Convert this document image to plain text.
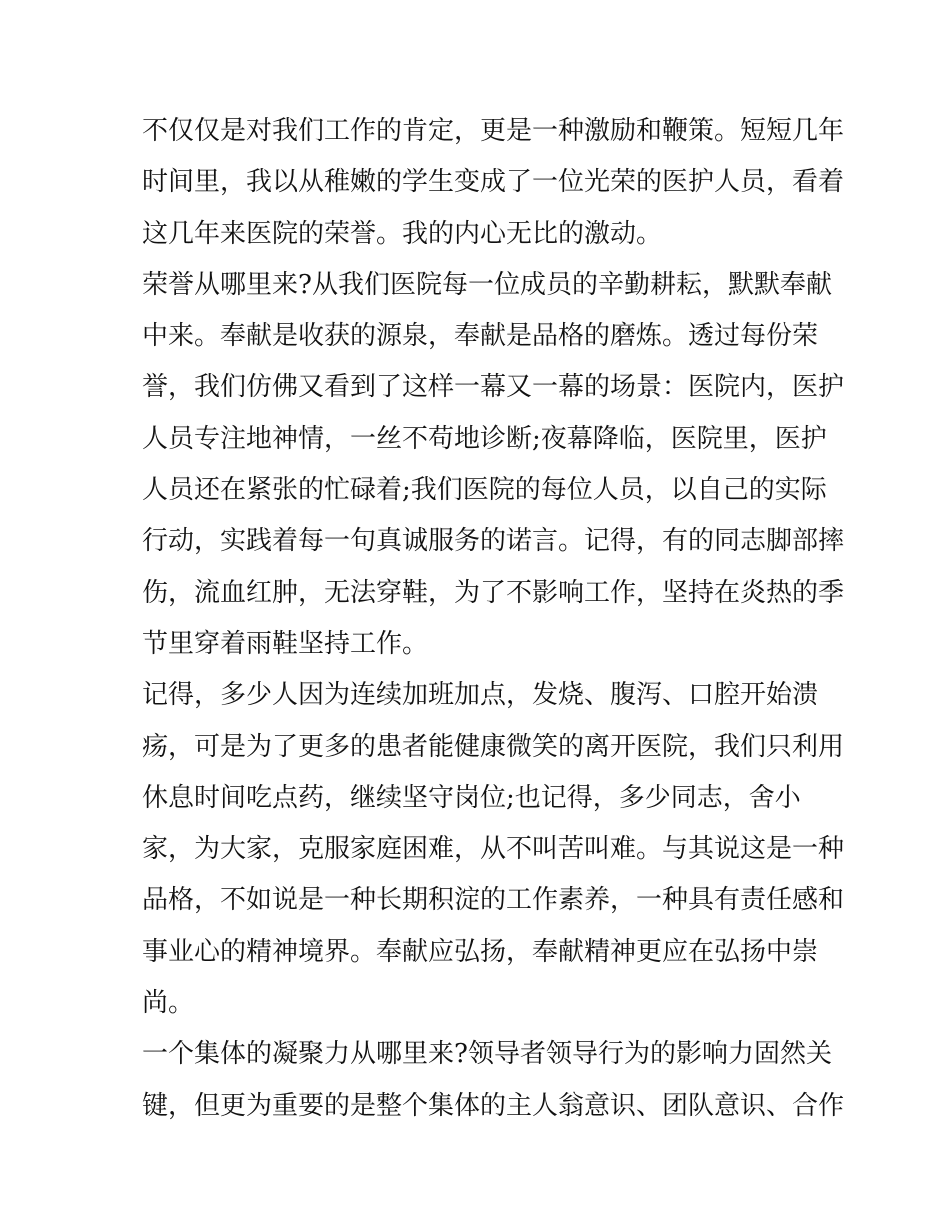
不仅仅是对我们工作的肯定，更是一种激励和鞭策。短短几年
时间里，我以从稚嫩的学生变成了一位光荣的医护人员，看着
这几年来医院的荣誉。我的内心无比的激动。
荣誉从哪里来?从我们医院每一位成员的辛勤耕耘，默默奉献
中来。奉献是收获的源泉，奉献是品格的磨炼。透过每份荣
誉，我们仿佛又看到了这样一幕又一幕的场景：医院内，医护
人员专注地神情，一丝不苟地诊断;夜幕降临，医院里，医护
人员还在紧张的忙碌着;我们医院的每位人员，以自己的实际
行动，实践着每一句真诚服务的诺言。记得，有的同志脚部摔
伤，流血红肿，无法穿鞋，为了不影响工作，坚持在炎热的季
节里穿着雨鞋坚持工作。
记得，多少人因为连续加班加点，发烧、腹泻、口腔开始溃
疡，可是为了更多的患者能健康微笑的离开医院，我们只利用
休息时间吃点药，继续坚守岗位;也记得，多少同志，舍小
家，为大家，克服家庭困难，从不叫苦叫难。与其说这是一种
品格，不如说是一种长期积淀的工作素养，一种具有责任感和
事业心的精神境界。奉献应弘扬，奉献精神更应在弘扬中崇
尚。
一个集体的凝聚力从哪里来?领导者领导行为的影响力固然关
键，但更为重要的是整个集体的主人翁意识、团队意识、合作
